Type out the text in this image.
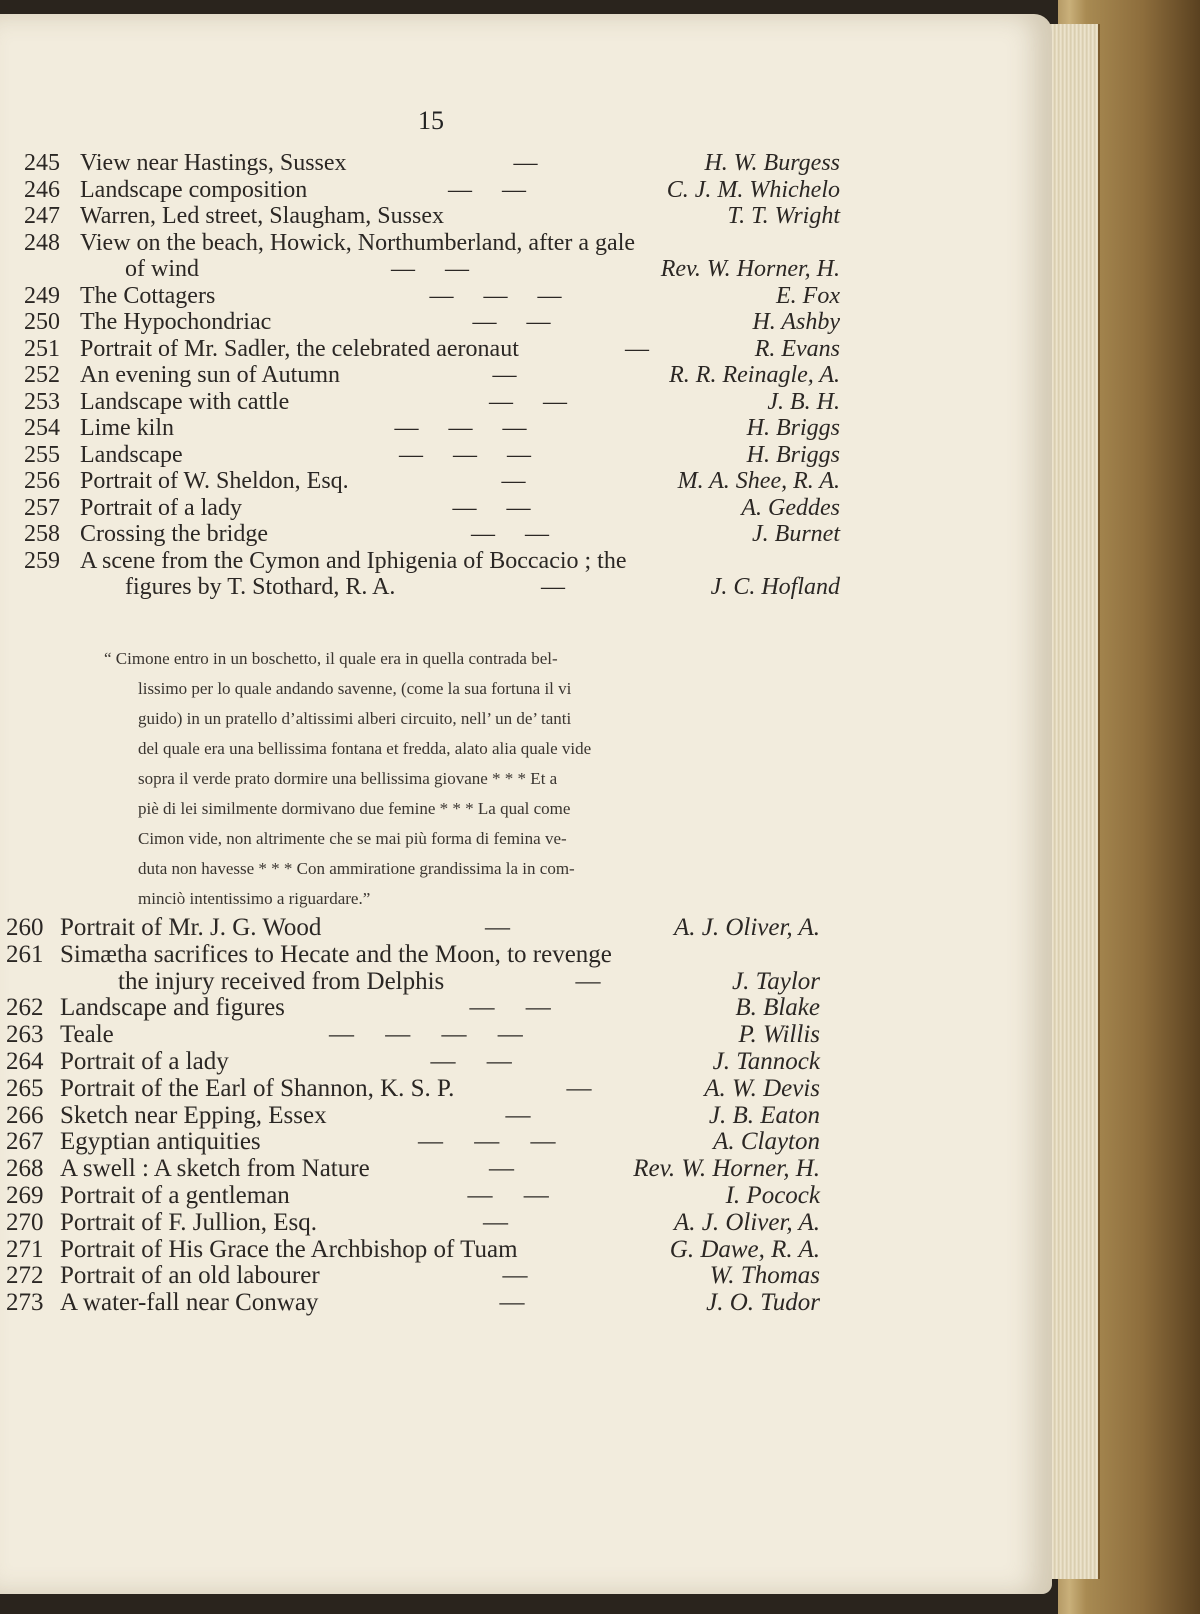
15
245 View near Hastings, Sussex	—	H. W. Burgess
246 Landscape composition	—     —	C. J. M. Whichelo
247 Warren, Led street, Slaugham, Sussex	T. T. Wright
248 View on the beach, Howick, Northumberland, after a gale
of wind	—     —	Rev. W. Horner, H.
249 The Cottagers	—     —     —	E. Fox
250 The Hypochondriac	—     —	H. Ashby
251 Portrait of Mr. Sadler, the celebrated aeronaut	—	R. Evans
252 An evening sun of Autumn	—	R. R. Reinagle, A.
253 Landscape with cattle	—     —	J. B. H.
254 Lime kiln	—     —     —	H. Briggs
255 Landscape	—     —     —	H. Briggs
256 Portrait of W. Sheldon, Esq.	—	M. A. Shee, R. A.
257 Portrait of a lady	—     —	A. Geddes
258 Crossing the bridge	—     —	J. Burnet
259 A scene from the Cymon and Iphigenia of Boccacio ; the
figures by T. Stothard, R. A.	—	J. C. Hofland
“ Cimone entro in un boschetto, il quale era in quella contrada bel-
lissimo per lo quale andando savenne, (come la sua fortuna il vi
guido) in un pratello d’altissimi alberi circuito, nell’ un de’ tanti
del quale era una bellissima fontana et fredda, alato alia quale vide
sopra il verde prato dormire una bellissima giovane * * * Et a
piè di lei similmente dormivano due femine * * * La qual come
Cimon vide, non altrimente che se mai più forma di femina ve-
duta non havesse * * * Con ammiratione grandissima la in com-
minciò intentissimo a riguardare.”
260 Portrait of Mr. J. G. Wood	—	A. J. Oliver, A.
261 Simætha sacrifices to Hecate and the Moon, to revenge
the injury received from Delphis	—	J. Taylor
262 Landscape and figures	—     —	B. Blake
263 Teale	—     —     —     —	P. Willis
264 Portrait of a lady	—     —	J. Tannock
265 Portrait of the Earl of Shannon, K. S. P.	—	A. W. Devis
266 Sketch near Epping, Essex	—	J. B. Eaton
267 Egyptian antiquities	—     —     —	A. Clayton
268 A swell : A sketch from Nature	—	Rev. W. Horner, H.
269 Portrait of a gentleman	—     —	I. Pocock
270 Portrait of F. Jullion, Esq.	—	A. J. Oliver, A.
271 Portrait of His Grace the Archbishop of Tuam	G. Dawe, R. A.
272 Portrait of an old labourer	—	W. Thomas
273 A water-fall near Conway	—	J. O. Tudor
